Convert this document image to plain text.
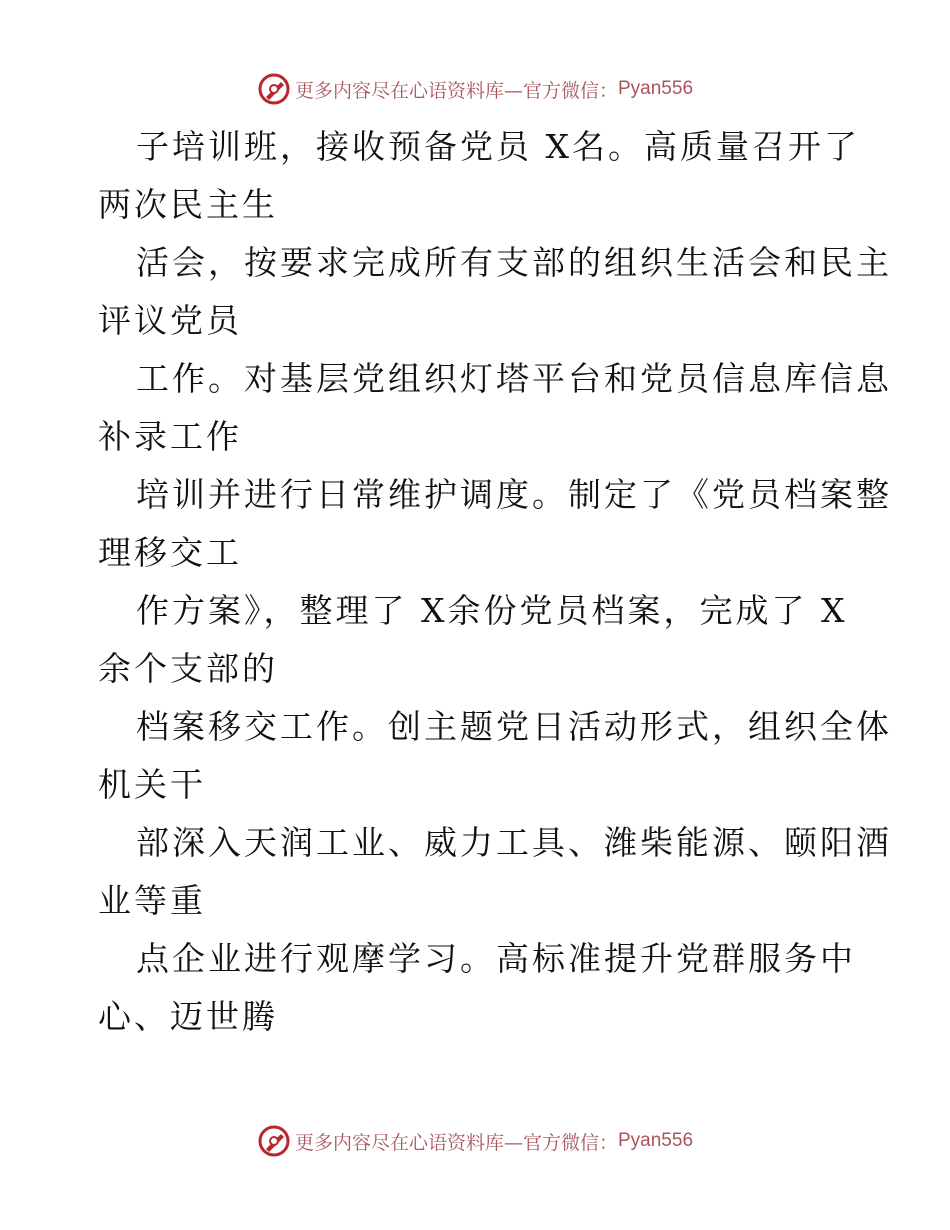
更多内容尽在心语资料库—官方微信： Pyan556
子培训班，接收预备党员 X名。高质量召开了
两次民主生
活会，按要求完成所有支部的组织生活会和民主
评议党员
工作。对基层党组织灯塔平台和党员信息库信息
补录工作
培训并进行日常维护调度。制定了《党员档案整
理移交工
作方案》，整理了 X余份党员档案，完成了 X
余个支部的
档案移交工作。创主题党日活动形式，组织全体
机关干
部深入天润工业、威力工具、潍柴能源、颐阳酒
业等重
点企业进行观摩学习。高标准提升党群服务中
心、迈世腾
更多内容尽在心语资料库—官方微信： Pyan556
